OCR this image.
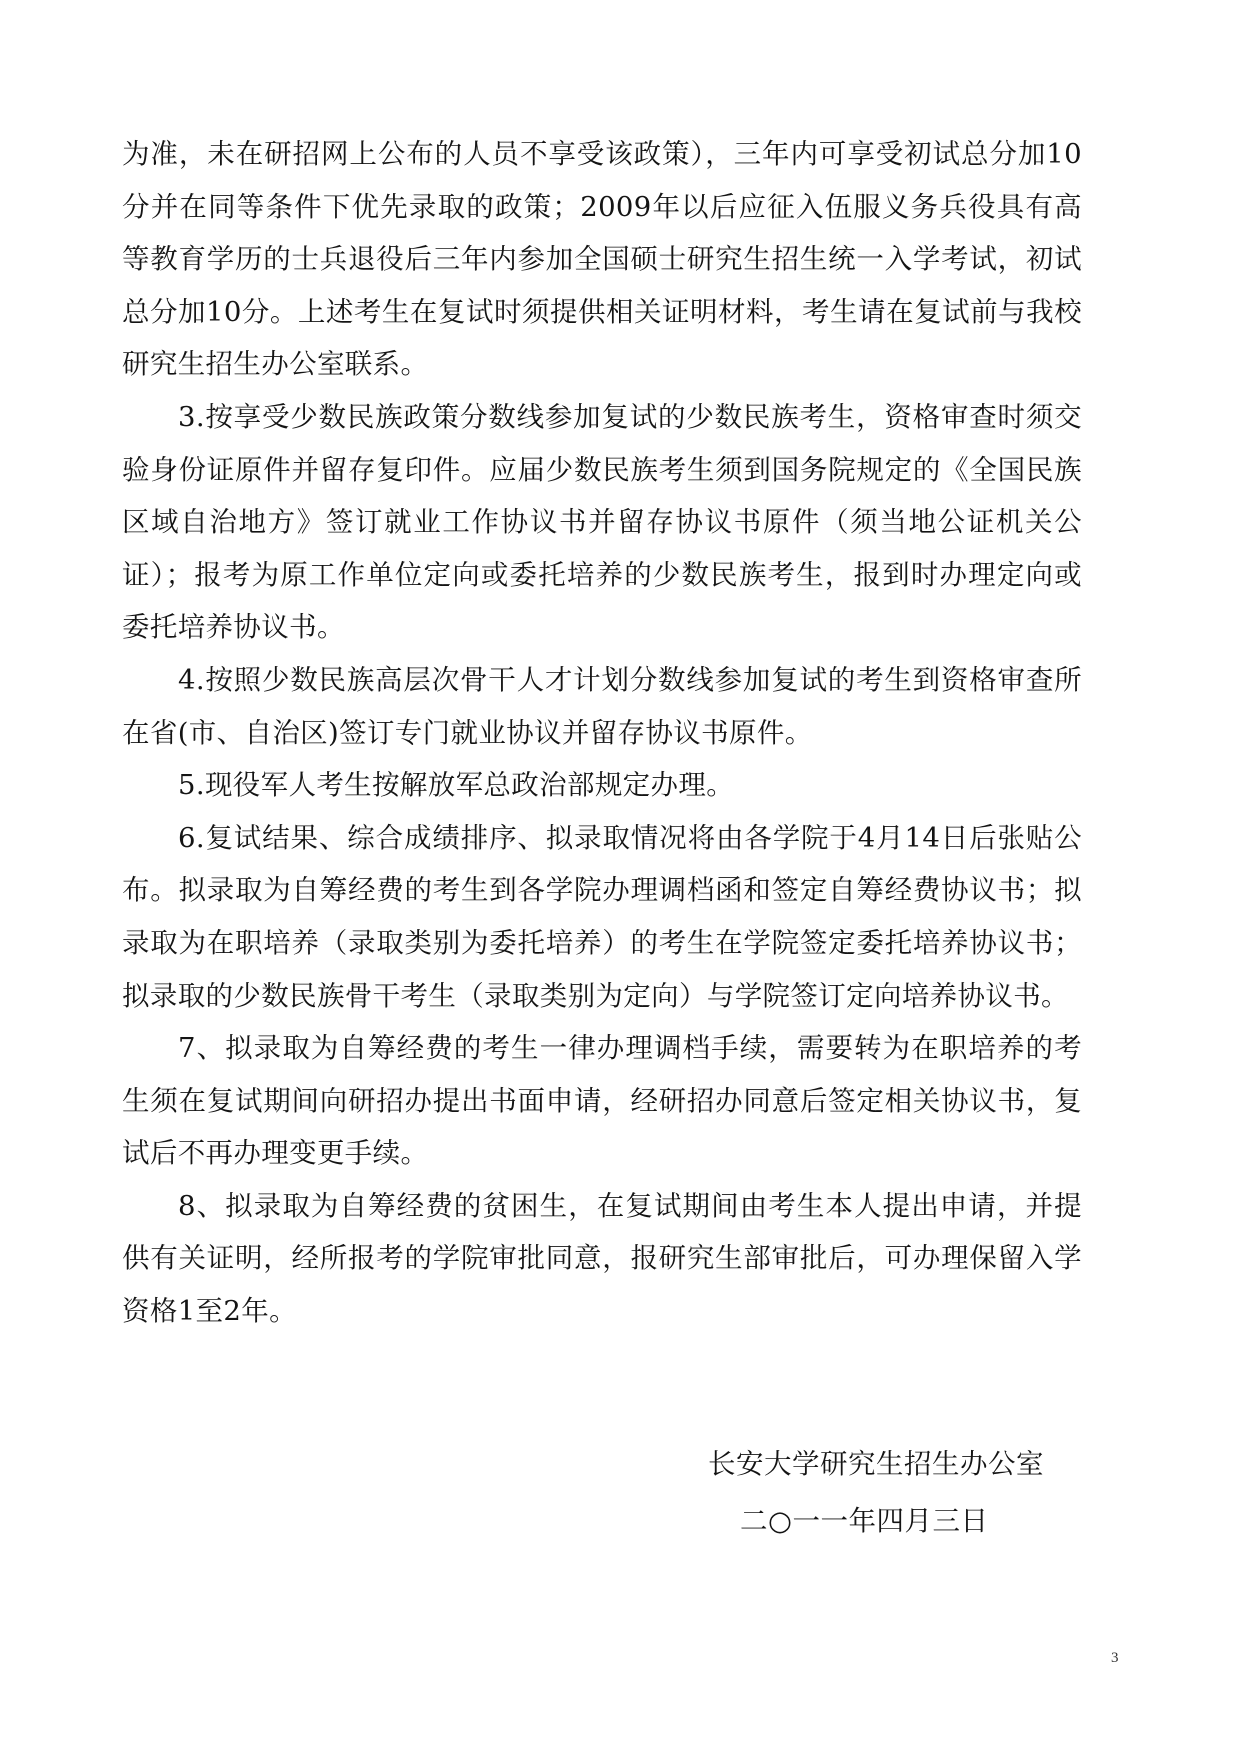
为准，未在研招网上公布的人员不享受该政策），三年内可享受初试总分加10分并在同等条件下优先录取的政策；2009年以后应征入伍服义务兵役具有高等教育学历的士兵退役后三年内参加全国硕士研究生招生统一入学考试，初试总分加10分。上述考生在复试时须提供相关证明材料，考生请在复试前与我校研究生招生办公室联系。

3.按享受少数民族政策分数线参加复试的少数民族考生，资格审查时须交验身份证原件并留存复印件。应届少数民族考生须到国务院规定的《全国民族区域自治地方》签订就业工作协议书并留存协议书原件（须当地公证机关公证）；报考为原工作单位定向或委托培养的少数民族考生，报到时办理定向或委托培养协议书。

4.按照少数民族高层次骨干人才计划分数线参加复试的考生到资格审查所在省(市、自治区)签订专门就业协议并留存协议书原件。

5.现役军人考生按解放军总政治部规定办理。

6.复试结果、综合成绩排序、拟录取情况将由各学院于4月14日后张贴公布。拟录取为自筹经费的考生到各学院办理调档函和签定自筹经费协议书；拟录取为在职培养（录取类别为委托培养）的考生在学院签定委托培养协议书；拟录取的少数民族骨干考生（录取类别为定向）与学院签订定向培养协议书。

7、拟录取为自筹经费的考生一律办理调档手续，需要转为在职培养的考生须在复试期间向研招办提出书面申请，经研招办同意后签定相关协议书，复试后不再办理变更手续。

8、拟录取为自筹经费的贫困生，在复试期间由考生本人提出申请，并提供有关证明，经所报考的学院审批同意，报研究生部审批后，可办理保留入学资格1至2年。

长安大学研究生招生办公室
二○一一年四月三日
3
